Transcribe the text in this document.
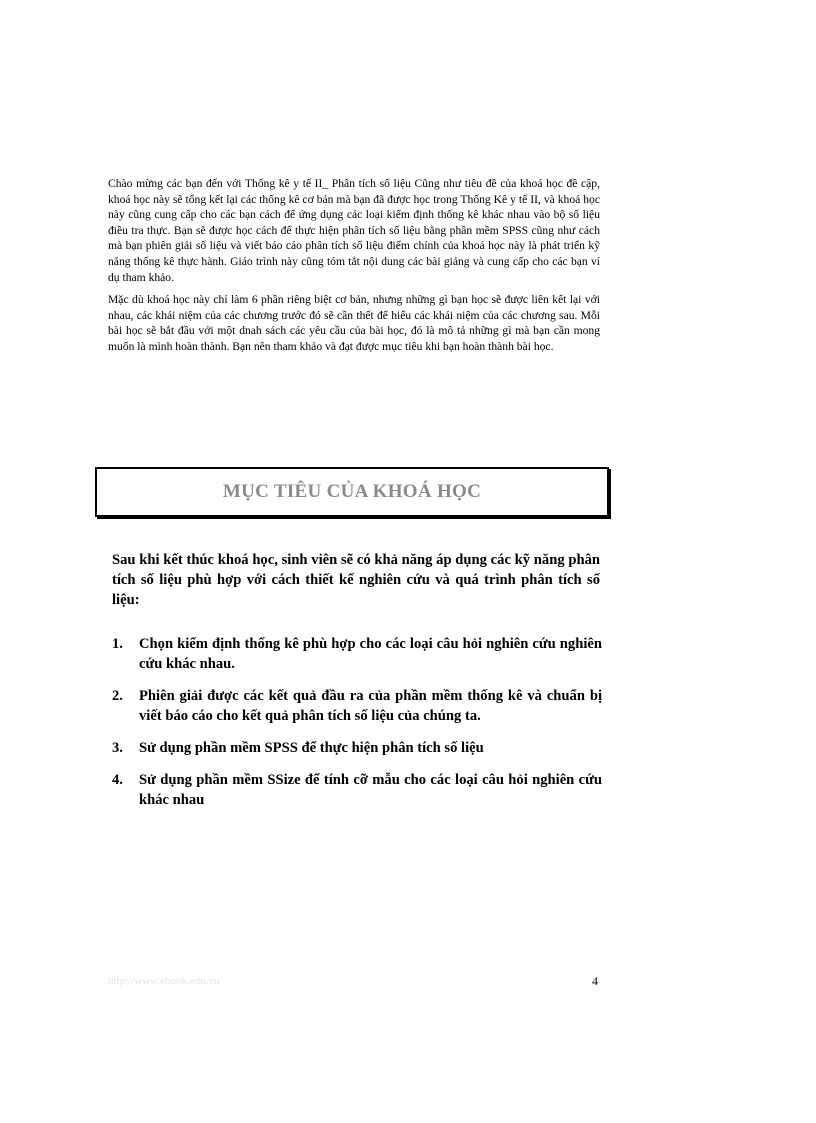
Chào mừng các bạn đến với Thống kê y tế II_ Phân tích số liệu Cũng như tiêu đề của khoá học đề cập, khoá học này sẽ tổng kết lại các thống kê cơ bản mà bạn đã được học trong Thống Kê y tế II, và khoá học này cũng cung cấp cho các bạn cách để ứng dụng các loại kiểm định thống kê khác nhau vào bộ số liệu điều tra thực. Bạn sẽ được học cách để thực hiện phân tích số liệu bằng phần mềm SPSS cũng như cách mà bạn phiên giải số liệu và viết báo cáo phân tích số liệu điểm chính của khoá học này là phát triển kỹ năng thống kê thực hành. Giáo trình này cũng tóm tắt nội dung các bài giảng và cung cấp cho các bạn ví dụ tham khảo.

Mặc dù khoá học này chỉ làm 6 phần riêng biệt cơ bản, nhưng những gì bạn học sẽ được liên kết lại với nhau, các khái niệm của các chương trước đó sẽ cần thết để hiểu các khái niệm của các chương sau. Mỗi bài học sẽ bắt đầu với một dnah sách các yêu cầu của bài học, đó là mô tả những gì mà bạn cần mong muốn là mình hoàn thành. Bạn nên tham khảo và đạt được mục tiêu khi bạn hoàn thành bài học.

MỤC TIÊU CỦA KHOÁ HỌC

Sau khi kết thúc khoá học, sinh viên sẽ có khả năng áp dụng các kỹ năng phân tích số liệu phù hợp với cách thiết kế nghiên cứu và quá trình phân tích số liệu:

1.	Chọn kiểm định thống kê phù hợp cho các loại câu hỏi nghiên cứu nghiên cứu khác nhau.
2.	Phiên giải được các kết quả đầu ra của phần mềm thống kê và chuẩn bị viết báo cáo cho kết quả phân tích số liệu của chúng ta.
3.	Sử dụng phần mềm SPSS để thực hiện phân tích số liệu
4.	Sử dụng phần mềm SSize để tính cỡ mẫu cho các loại câu hỏi nghiên cứu khác nhau
http://www.ebook.edu.vn	4
